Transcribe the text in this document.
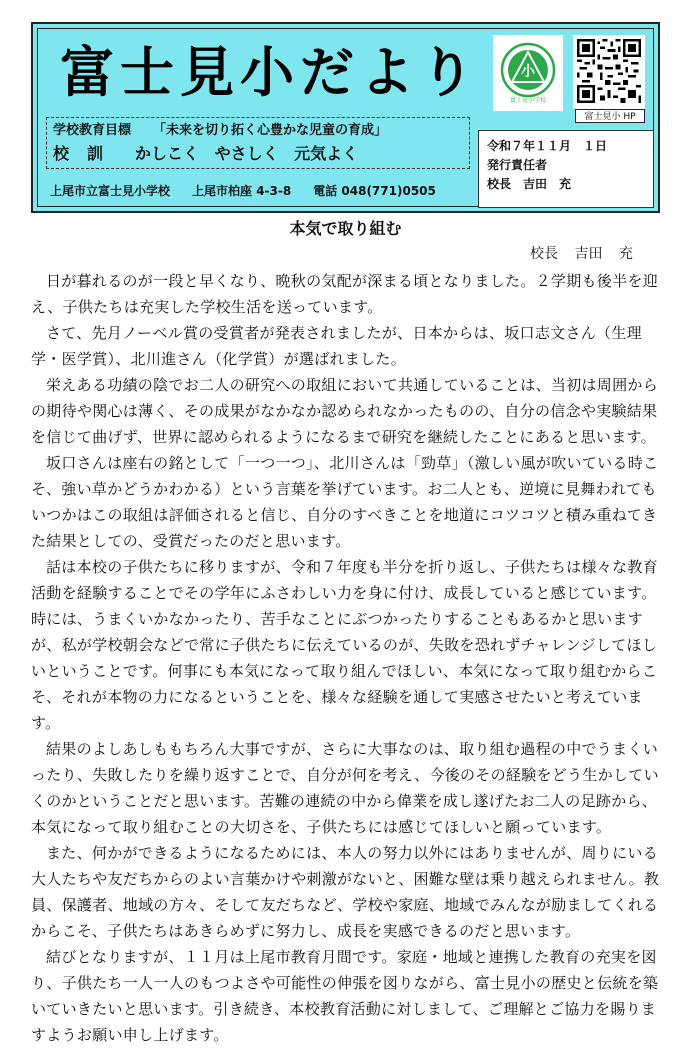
富士見小だより	小
富士見小学校
富士見小 HP
学校教育目標 「未来を切り拓く心豊かな児童の育成」
校訓 かしこく やさしく 元気よく	令和７年１１月　１日
発行責任者
校長　吉田　充
上尾市立富士見小学校 上尾市柏座 4-3-8 電話 048(771)0505
本気で取り組む
校長 吉田 充

日が暮れるのが一段と早くなり、晩秋の気配が深まる頃となりました。２学期も後半を迎え、子供たちは充実した学校生活を送っています。

さて、先月ノーベル賞の受賞者が発表されましたが、日本からは、坂口志文さん（生理学・医学賞）、北川進さん（化学賞）が選ばれました。

栄えある功績の陰でお二人の研究への取組において共通していることは、当初は周囲からの期待や関心は薄く、その成果がなかなか認められなかったものの、自分の信念や実験結果を信じて曲げず、世界に認められるようになるまで研究を継続したことにあると思います。

坂口さんは座右の銘として「一つ一つ」、北川さんは「勁草」（激しい風が吹いている時こそ、強い草かどうかわかる）という言葉を挙げています。お二人とも、逆境に見舞われてもいつかはこの取組は評価されると信じ、自分のすべきことを地道にコツコツと積み重ねてきた結果としての、受賞だったのだと思います。

話は本校の子供たちに移りますが、令和７年度も半分を折り返し、子供たちは様々な教育活動を経験することでその学年にふさわしい力を身に付け、成長していると感じています。時には、うまくいかなかったり、苦手なことにぶつかったりすることもあるかと思いますが、私が学校朝会などで常に子供たちに伝えているのが、失敗を恐れずチャレンジしてほしいということです。何事にも本気になって取り組んでほしい、本気になって取り組むからこそ、それが本物の力になるということを、様々な経験を通して実感させたいと考えています。

結果のよしあしももちろん大事ですが、さらに大事なのは、取り組む過程の中でうまくいったり、失敗したりを繰り返すことで、自分が何を考え、今後のその経験をどう生かしていくのかということだと思います。苦難の連続の中から偉業を成し遂げたお二人の足跡から、本気になって取り組むことの大切さを、子供たちには感じてほしいと願っています。

また、何かができるようになるためには、本人の努力以外にはありませんが、周りにいる大人たちや友だちからのよい言葉かけや刺激がないと、困難な壁は乗り越えられません。教員、保護者、地域の方々、そして友だちなど、学校や家庭、地域でみんなが励ましてくれるからこそ、子供たちはあきらめずに努力し、成長を実感できるのだと思います。

結びとなりますが、１１月は上尾市教育月間です。家庭・地域と連携した教育の充実を図り、子供たち一人一人のもつよさや可能性の伸張を図りながら、富士見小の歴史と伝統を築いていきたいと思います。引き続き、本校教育活動に対しまして、ご理解とご協力を賜りますようお願い申し上げます。
